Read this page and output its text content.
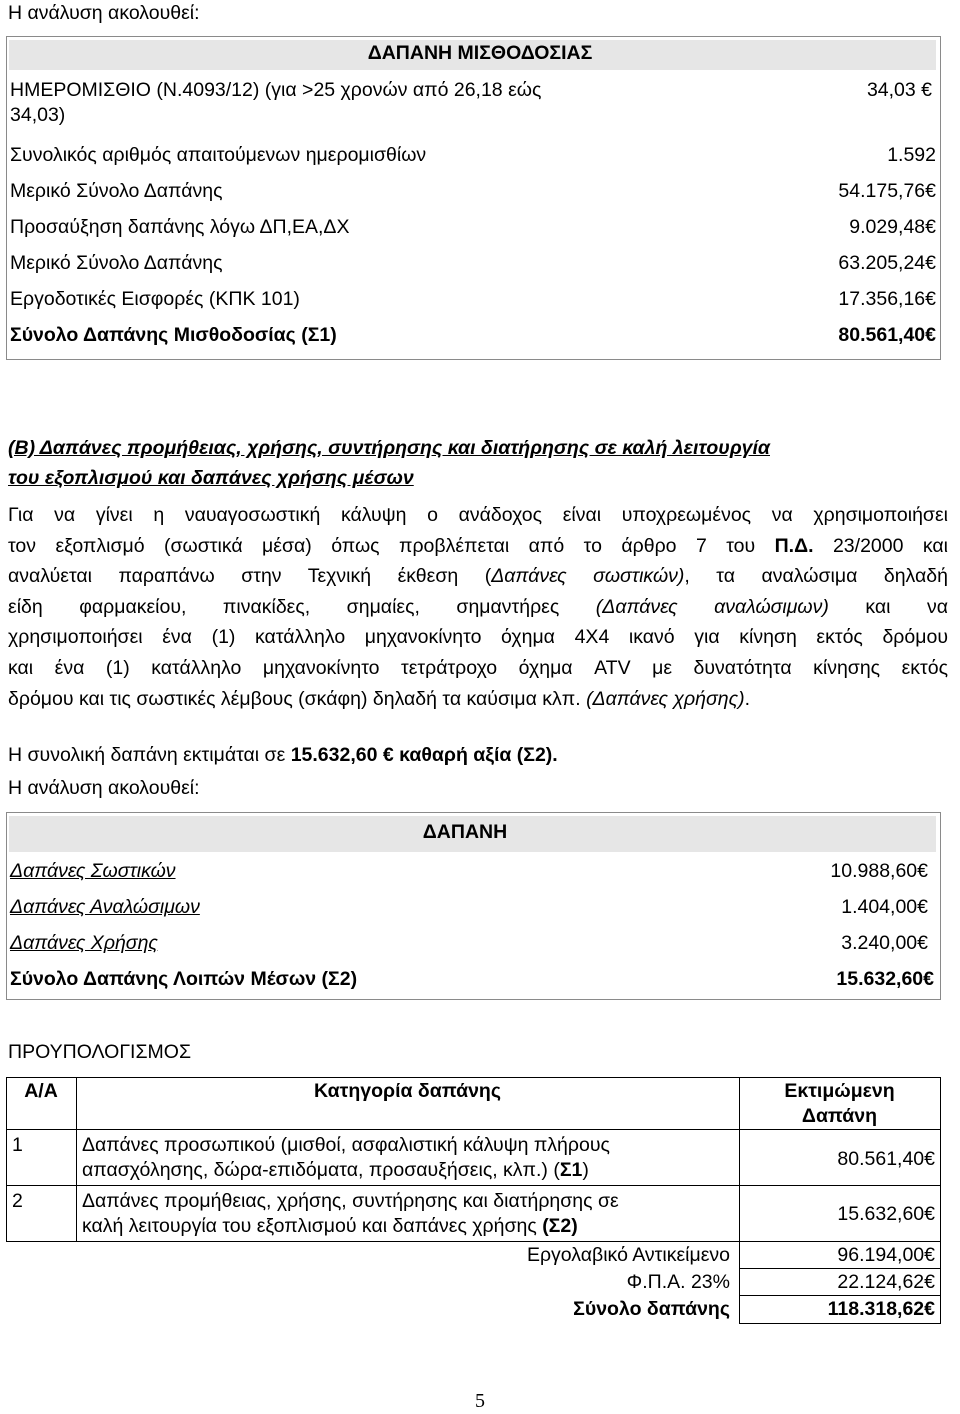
Η ανάλυση ακολουθεί:
ΔΑΠΑΝΗ ΜΙΣΘΟΔΟΣΙΑΣ
ΗΜΕΡΟΜΙΣΘΙΟ (Ν.4093/12) (για >25 χρονών από 26,18 εώς
34,03)
34,03 €
Συνολικός αριθμός απαιτούμενων ημερομισθίων	1.592
Μερικό Σύνολο Δαπάνης	54.175,76€
Προσαύξηση δαπάνης λόγω ΔΠ,ΕΑ,ΔΧ	9.029,48€
Μερικό Σύνολο Δαπάνης	63.205,24€
Εργοδοτικές Εισφορές (ΚΠΚ 101)	17.356,16€
Σύνολο Δαπάνης Μισθοδοσίας (Σ1)	80.561,40€
(Β) Δαπάνες προμήθειας, χρήσης, συντήρησης και διατήρησης σε καλή λειτουργία
του εξοπλισμού και δαπάνες χρήσης μέσων
Για να γίνει η ναυαγοσωστική κάλυψη ο ανάδοχος είναι υποχρεωμένος να χρησιμοποιήσει
τον εξοπλισμό (σωστικά μέσα) όπως προβλέπεται από το άρθρο 7 του Π.Δ. 23/2000 και
αναλύεται παραπάνω στην Τεχνική έκθεση (Δαπάνες σωστικών), τα αναλώσιμα δηλαδή
είδη φαρμακείου, πινακίδες, σημαίες, σημαντήρες (Δαπάνες αναλώσιμων) και να
χρησιμοποιήσει ένα (1) κατάλληλο μηχανοκίνητο όχημα 4Χ4 ικανό για κίνηση εκτός δρόμου
και ένα (1) κατάλληλο μηχανοκίνητο τετράτροχο όχημα ATV με δυνατότητα κίνησης εκτός
δρόμου και τις σωστικές λέμβους (σκάφη) δηλαδή τα καύσιμα κλπ. (Δαπάνες χρήσης).
Η συνολική δαπάνη εκτιμάται σε 15.632,60 € καθαρή αξία (Σ2).
Η ανάλυση ακολουθεί:
ΔΑΠΑΝΗ
Δαπάνες Σωστικών	10.988,60€
Δαπάνες Αναλώσιμων	1.404,00€
Δαπάνες Χρήσης	3.240,00€
Σύνολο Δαπάνης Λοιπών Μέσων (Σ2)	15.632,60€
ΠΡΟΥΠΟΛΟΓΙΣΜΟΣ
Α/Α	Κατηγορία δαπάνης	Εκτιμώμενη
Δαπάνη
1	Δαπάνες προσωπικού (μισθοί, ασφαλιστική κάλυψη πλήρους
απασχόλησης, δώρα-επιδόματα, προσαυξήσεις, κλπ.) (Σ1)	80.561,40€
2	Δαπάνες προμήθειας, χρήσης, συντήρησης και διατήρησης σε
καλή λειτουργία του εξοπλισμού και δαπάνες χρήσης (Σ2)
15.632,60€
Εργολαβικό Αντικείμενο	96.194,00€
Φ.Π.Α. 23%	22.124,62€
Σύνολο δαπάνης	118.318,62€
5
